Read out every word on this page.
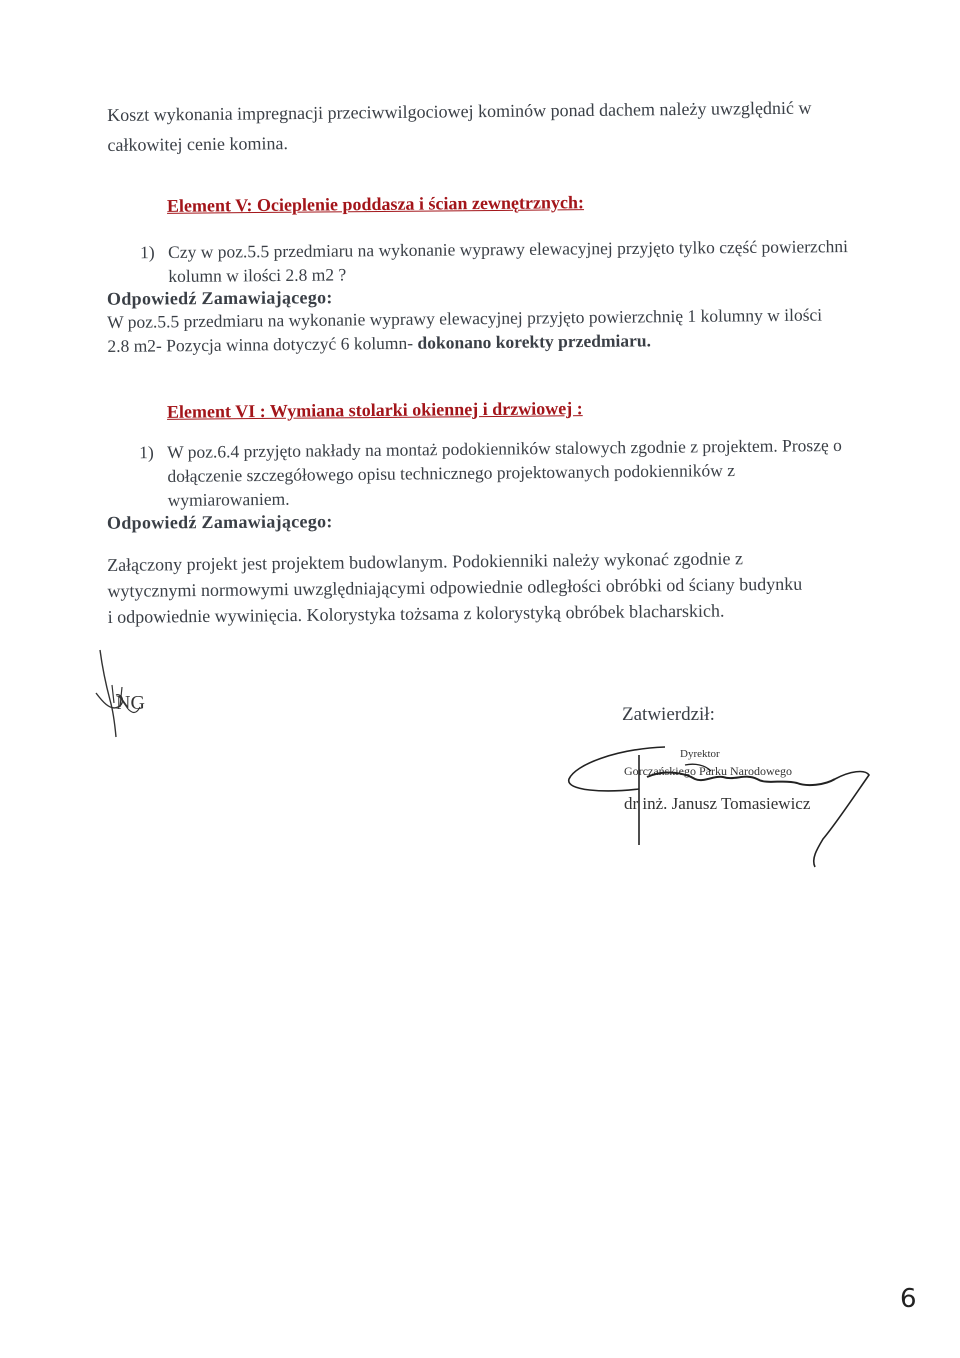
Koszt wykonania impregnacji przeciwwilgociowej kominów ponad dachem należy uwzględnić w całkowitej cenie komina.
Element V: Ocieplenie poddasza i ścian zewnętrznych:
1) Czy w poz.5.5 przedmiaru na wykonanie wyprawy elewacyjnej przyjęto tylko część powierzchni kolumn w ilości 2.8 m2 ?
Odpowiedź Zamawiającego:
W poz.5.5 przedmiaru na wykonanie wyprawy elewacyjnej przyjęto powierzchnię 1 kolumny w ilości 2.8 m2- Pozycja winna dotyczyć 6 kolumn- dokonano korekty przedmiaru.
Element VI : Wymiana stolarki okiennej i drzwiowej :
1) W poz.6.4 przyjęto nakłady na montaż podokienników stalowych zgodnie z projektem. Proszę o dołączenie szczegółowego opisu technicznego projektowanych podokienników z wymiarowaniem.
Odpowiedź Zamawiającego:
Załączony projekt jest projektem budowlanym. Podokienniki należy wykonać zgodnie z wytycznymi normowymi uwzględniającymi odpowiednie odległości obróbki od ściany budynku i odpowiednie wywinięcia. Kolorystyka tożsama z kolorystyką obróbek blacharskich.
NG
Zatwierdził:
Dyrektor
Gorczańskiego Parku Narodowego
dr inż. Janusz Tomasiewicz
6
